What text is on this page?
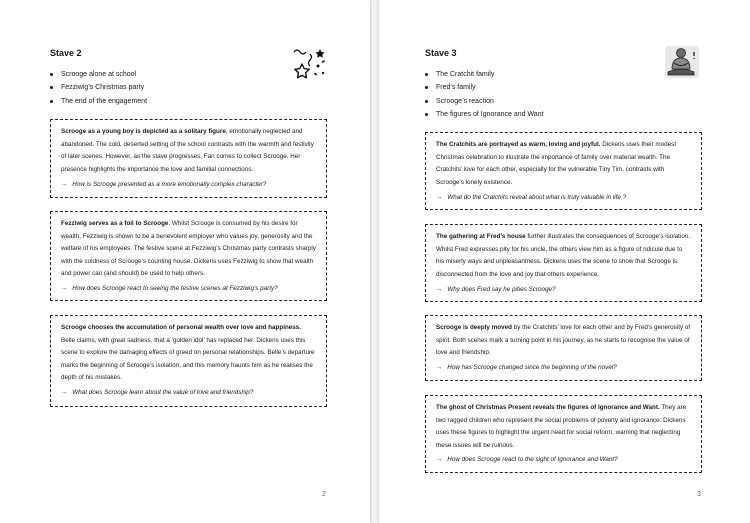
Stave 2
Scrooge alone at school
Fezziwig’s Christmas party
The end of the engagement

Scrooge as a young boy is depicted as a solitary figure, emotionally neglected and abandoned. The cold, deserted setting of the school contrasts with the warmth and festivity of later scenes. However, as the stave progresses, Fan comes to collect Scrooge. Her presence highlights the importance the love and familial connections.

→ How is Scrooge presented as a more emotionally complex character?

Fezziwig serves as a foil to Scrooge. Whilst Scrooge is consumed by his desire for wealth, Fezziwig is shown to be a benevolent employer who values joy, generosity and the welfare of his employees. The festive scene at Fezziwig’s Christmas party contrasts sharply with the coldness of Scrooge’s counting house. Dickens uses Fezziwig to show that wealth and power can (and should) be used to help others.

→ How does Scrooge react to seeing the festive scenes at Fezziwig’s party?

Scrooge chooses the accumulation of personal wealth over love and happiness. Belle claims, with great sadness, that a ‘golden idol’ has replaced her. Dickens uses this scene to explore the damaging effects of greed on personal relationships. Belle’s departure marks the beginning of Scrooge’s isolation, and this memory haunts him as he realises the depth of his mistakes.

→ What does Scrooge learn about the value of love and friendship?
2
Stave 3
The Cratchit family
Fred’s family
Scrooge’s reaction
The figures of Ignorance and Want

The Cratchits are portrayed as warm, loving and joyful. Dickens uses their modest Christmas celebration to illustrate the importance of family over material wealth. The Cratchits’ love for each other, especially for the vulnerable Tiny Tim, contrasts with Scrooge’s lonely existence.

→ What do the Cratchits reveal about what is truly valuable in life ?

The gathering at Fred’s house further illustrates the consequences of Scrooge’s isolation. Whilst Fred expresses pity for his uncle, the others view him as a figure of ridicule due to his miserly ways and unpleasantness. Dickens uses the scene to show that Scrooge is disconnected from the love and joy that others experience.

→ Why does Fred say he pities Scrooge?

Scrooge is deeply moved by the Cratchits’ love for each other and by Fred’s generosity of spirit. Both scenes mark a turning point in his journey, as he starts to recognise the value of love and friendship.

→ How has Scrooge changed since the beginning of the novel?

The ghost of Christmas Present reveals the figures of Ignorance and Want. They are two ragged children who represent the social problems of poverty and ignorance. Dickens uses these figures to highlight the urgent need for social reform, warning that neglecting these issues will be ruinous.

→ How does Scrooge react to the sight of Ignorance and Want?
3
